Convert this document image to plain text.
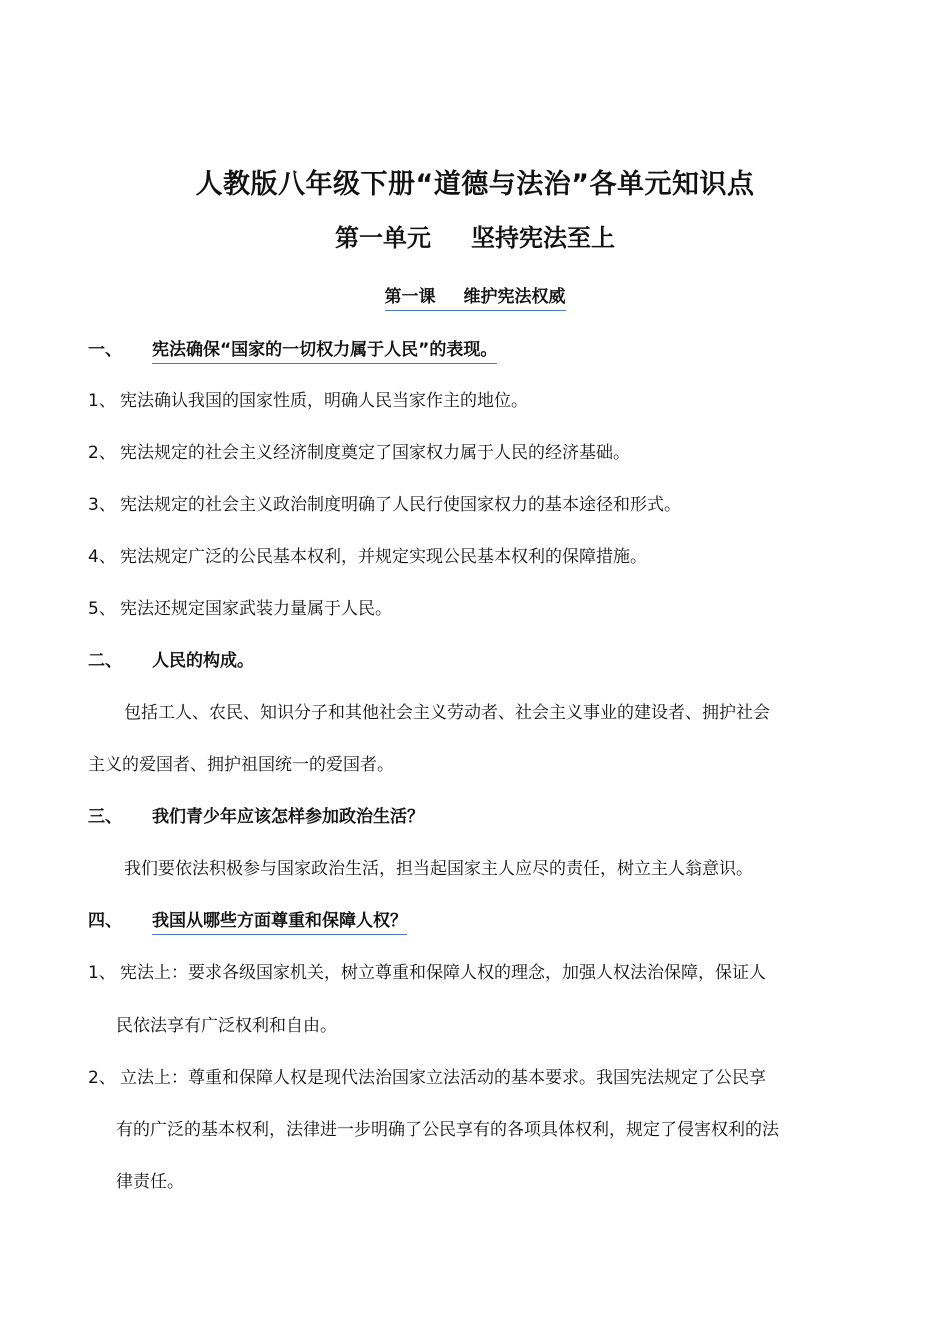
人教版八年级下册“道德与法治”各单元知识点
第一单元 坚持宪法至上
第一课 维护宪法权威
一、 宪法确保“国家的一切权力属于人民”的表现。
1、 宪法确认我国的国家性质，明确人民当家作主的地位。
2、 宪法规定的社会主义经济制度奠定了国家权力属于人民的经济基础。
3、 宪法规定的社会主义政治制度明确了人民行使国家权力的基本途径和形式。
4、 宪法规定广泛的公民基本权利，并规定实现公民基本权利的保障措施。
5、 宪法还规定国家武装力量属于人民。
二、 人民的构成。
包括工人、农民、知识分子和其他社会主义劳动者、社会主义事业的建设者、拥护社会
主义的爱国者、拥护祖国统一的爱国者。
三、 我们青少年应该怎样参加政治生活？
我们要依法积极参与国家政治生活，担当起国家主人应尽的责任，树立主人翁意识。
四、 我国从哪些方面尊重和保障人权？
1、 宪法上：要求各级国家机关，树立尊重和保障人权的理念，加强人权法治保障，保证人
民依法享有广泛权利和自由。
2、 立法上：尊重和保障人权是现代法治国家立法活动的基本要求。我国宪法规定了公民享
有的广泛的基本权利，法律进一步明确了公民享有的各项具体权利，规定了侵害权利的法
律责任。
